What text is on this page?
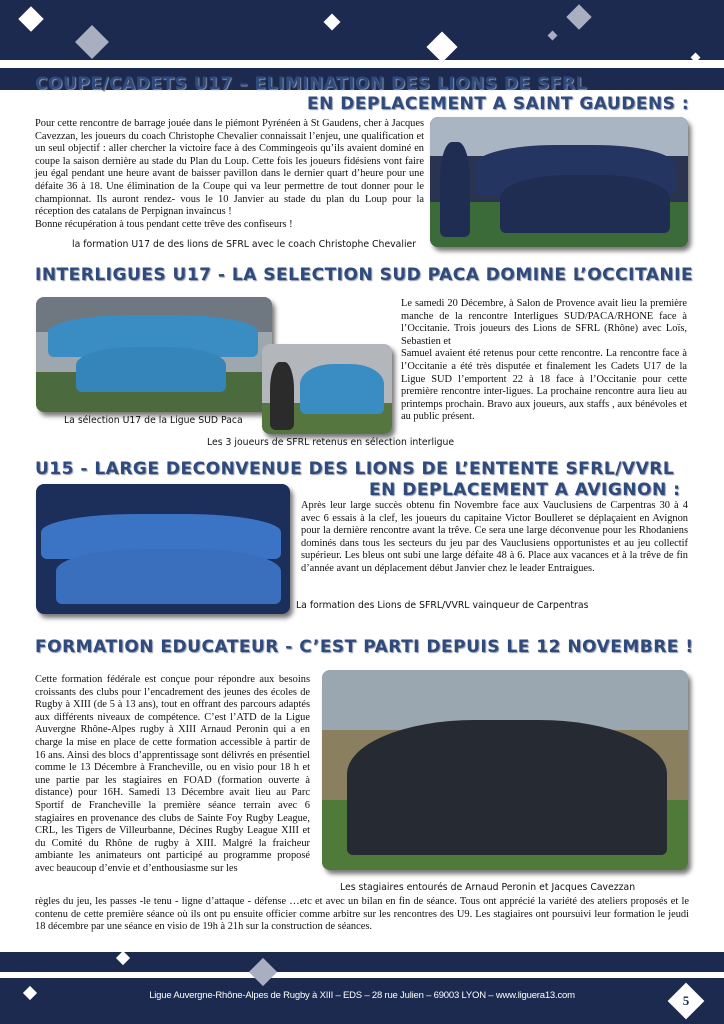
COUPE/CADETS U17 – ELIMINATION DES LIONS DE SFRL
EN DEPLACEMENT A SAINT GAUDENS :
Pour cette rencontre de barrage jouée dans le piémont Pyrénéen à St Gaudens, cher à Jacques Cavezzan, les joueurs du coach Christophe Chevalier connaissait l’enjeu, une qualification et un seul objectif : aller chercher la victoire face à des Commingeois qu’ils avaient dominé en coupe la saison dernière au stade du Plan du Loup. Cette fois les joueurs fidésiens vont faire jeu égal pendant une heure avant de baisser pavillon dans le dernier quart d’heure pour une défaite 36 à 18. Une élimination de la Coupe qui va leur permettre de tout donner pour le championnat. Ils auront rendez- vous le 10 Janvier au stade du plan du Loup pour la réception des catalans de Perpignan invaincus !
Bonne récupération à tous pendant cette trêve des confiseurs !
la formation U17 de des lions de SFRL avec le coach Christophe Chevalier
INTERLIGUES U17 - LA SELECTION SUD PACA DOMINE L’OCCITANIE
La sélection U17 de la Ligue SUD Paca
Les 3 joueurs de SFRL retenus en sélection interligue
Le samedi 20 Décembre, à Salon de Provence avait lieu la première manche de la rencontre Interligues SUD/PACA/RHONE face à l’Occitanie. Trois joueurs des Lions de SFRL (Rhône) avec Loïs, Sebastien et
Samuel avaient été retenus pour cette rencontre. La rencontre face à l’Occitanie a été très disputée et finalement les Cadets U17 de la Ligue SUD l’emportent 22 à 18 face à l’Occitanie pour cette première rencontre inter-ligues. La prochaine rencontre aura lieu au printemps prochain. Bravo aux joueurs, aux staffs , aux bénévoles et au public présent.
U15 - LARGE DECONVENUE DES LIONS DE L’ENTENTE SFRL/VVRL
EN DEPLACEMENT A AVIGNON :
Après leur large succès obtenu fin Novembre face aux Vauclusiens de Carpentras 30 à 4 avec 6 essais à la clef, les joueurs du capitaine Victor Boulleret se déplaçaient en Avignon pour la dernière rencontre avant la trêve. Ce sera une large déconvenue pour les Rhodaniens dominés dans tous les secteurs du jeu par des Vauclusiens opportunistes et au jeu collectif supérieur. Les bleus ont subi une large défaite 48 à 6. Place aux vacances et à la trêve de fin d’année avant un déplacement début Janvier chez le leader Entraigues.
La formation des Lions de SFRL/VVRL vainqueur de Carpentras
FORMATION EDUCATEUR - C’EST PARTI DEPUIS LE 12 NOVEMBRE !
Cette formation fédérale est conçue pour répondre aux besoins croissants des clubs pour l’encadrement des jeunes des écoles de Rugby à XIII (de 5 à 13 ans), tout en offrant des parcours adaptés aux différents niveaux de compétence. C’est l’ATD de la Ligue Auvergne Rhône-Alpes rugby à XIII Arnaud Peronin qui a en charge la mise en place de cette formation accessible à partir de 16 ans. Ainsi des blocs d’apprentissage sont délivrés en présentiel comme le 13 Décembre à Francheville, ou en visio pour 18 h et une partie par les stagiaires en FOAD (formation ouverte à distance) pour 16H. Samedi 13 Décembre avait lieu au Parc Sportif de Francheville la première séance terrain avec 6 stagiaires en provenance des clubs de Sainte Foy Rugby League, CRL, les Tigers de Villeurbanne, Décines Rugby League XIII et du Comité du Rhône de rugby à XIII. Malgré la fraicheur ambiante les animateurs ont participé au programme proposé avec beaucoup d’envie et d’enthousiasme sur les
Les stagiaires entourés de Arnaud Peronin et Jacques Cavezzan
règles du jeu, les passes -le tenu - ligne d’attaque - défense …etc et avec un bilan en fin de séance. Tous ont apprécié la variété des ateliers proposés et le contenu de cette première séance où ils ont pu ensuite officier comme arbitre sur les rencontres des U9. Les stagiaires ont poursuivi leur formation le jeudi 18 décembre par une séance en visio de 19h à 21h sur la construction de séances.
Ligue Auvergne-Rhône-Alpes de Rugby à XIII – EDS – 28 rue Julien – 69003 LYON – www.liguera13.com	5
